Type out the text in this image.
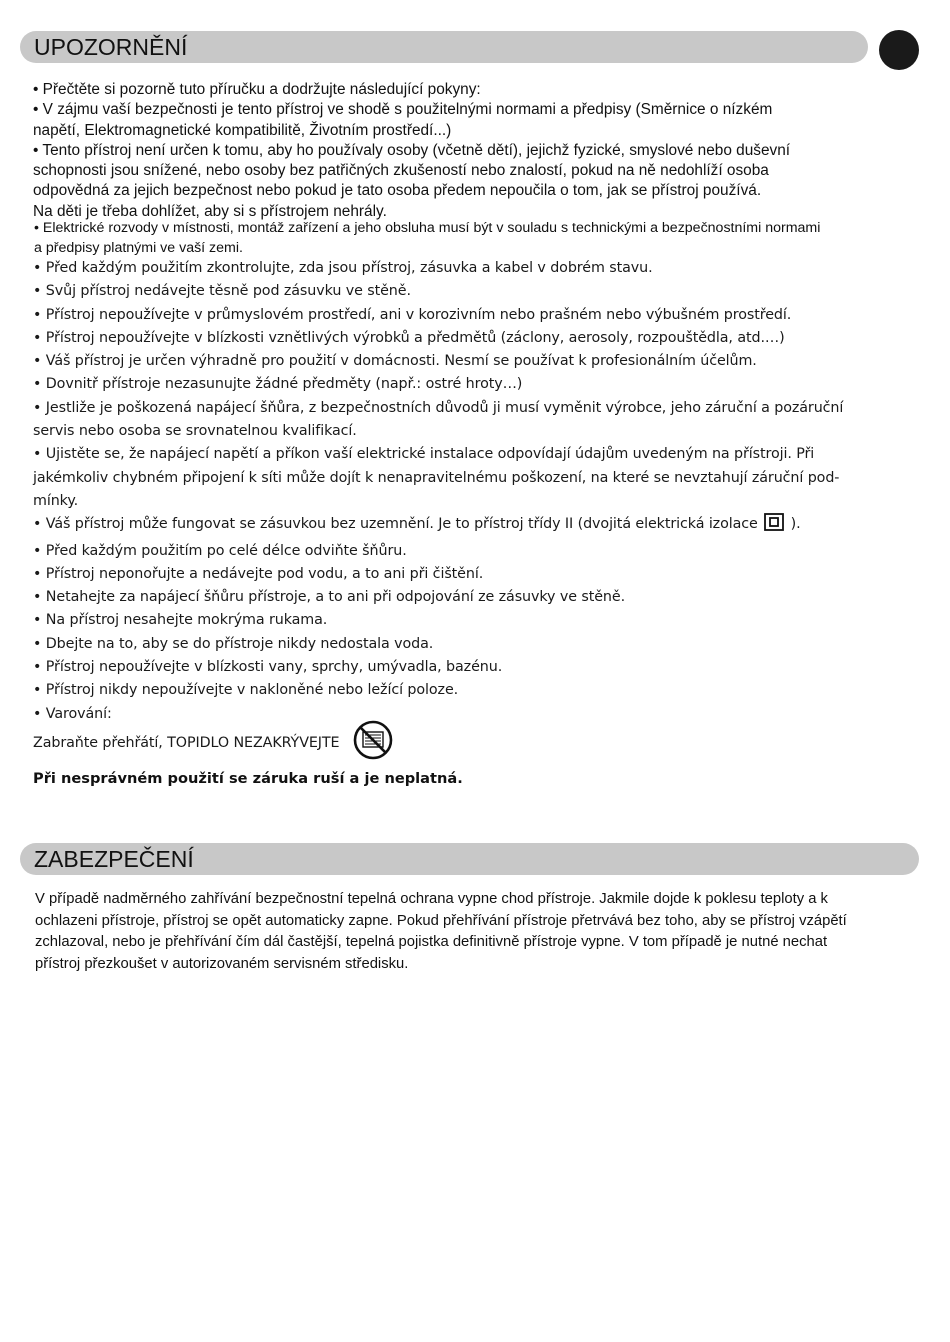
UPOZORNĚNÍ

• Přečtěte si pozorně tuto příručku a dodržujte následující pokyny:

• V zájmu vaší bezpečnosti je tento přístroj ve shodě s použitelnými normami a předpisy (Směrnice o nízkém

napětí, Elektromagnetické kompatibilitě, Životním prostředí...)

• Tento přístroj není určen k tomu, aby ho používaly osoby (včetně dětí), jejichž fyzické, smyslové nebo duševní

schopnosti jsou snížené, nebo osoby bez patřičných zkušeností nebo znalostí, pokud na ně nedohlíží osoba

odpovědná za jejich bezpečnost nebo pokud je tato osoba předem nepoučila o tom, jak se přístroj používá.

Na děti je třeba dohlížet, aby si s přístrojem nehrály.

• Elektrické rozvody v místnosti, montáž zařízení a jeho obsluha musí být v souladu s technickými a bezpečnostními normami

a předpisy platnými ve vaší zemi.

• Před každým použitím zkontrolujte, zda jsou přístroj, zásuvka a kabel v dobrém stavu.

• Svůj přístroj nedávejte těsně pod zásuvku ve stěně.

• Přístroj nepoužívejte v průmyslovém prostředí, ani v korozivním nebo prašném nebo výbušném prostředí.

• Přístroj nepoužívejte v blízkosti vznětlivých výrobků a předmětů (záclony, aerosoly, rozpouštědla, atd.…)

• Váš přístroj je určen výhradně pro použití v domácnosti. Nesmí se používat k profesionálním účelům.

• Dovnitř přístroje nezasunujte žádné předměty (např.: ostré hroty…)

• Jestliže je poškozená napájecí šňůra, z bezpečnostních důvodů ji musí vyměnit výrobce, jeho záruční a pozáruční

servis nebo osoba se srovnatelnou kvalifikací.

• Ujistěte se, že napájecí napětí a příkon vaší elektrické instalace odpovídají údajům uvedeným na přístroji. Při

jakémkoliv chybném připojení k síti může dojít k nenapravitelnému poškození, na které se nevztahují záruční pod-

mínky.

• Váš přístroj může fungovat se zásuvkou bez uzemnění. Je to přístroj třídy II (dvojitá elektrická izolace ).

• Před každým použitím po celé délce odviňte šňůru.

• Přístroj neponořujte a nedávejte pod vodu, a to ani při čištění.

• Netahejte za napájecí šňůru přístroje, a to ani při odpojování ze zásuvky ve stěně.

• Na přístroj nesahejte mokrýma rukama.

• Dbejte na to, aby se do přístroje nikdy nedostala voda.

• Přístroj nepoužívejte v blízkosti vany, sprchy, umývadla, bazénu.

• Přístroj nikdy nepoužívejte v nakloněné nebo ležící poloze.

• Varování:

Zabraňte přehřátí, TOPIDLO NEZAKRÝVEJTE
Při nesprávném použití se záruka ruší a je neplatná.
ZABEZPEČENÍ

V případě nadměrného zahřívání bezpečnostní tepelná ochrana vypne chod přístroje. Jakmile dojde k poklesu teploty a k

ochlazeni přístroje, přístroj se opět automaticky zapne. Pokud přehřívání přístroje přetrvává bez toho, aby se přístroj vzápětí

zchlazoval, nebo je přehřívání čím dál častější, tepelná pojistka definitivně přístroje vypne. V tom případě je nutné nechat

přístroj přezkoušet v autorizovaném servisném středisku.
